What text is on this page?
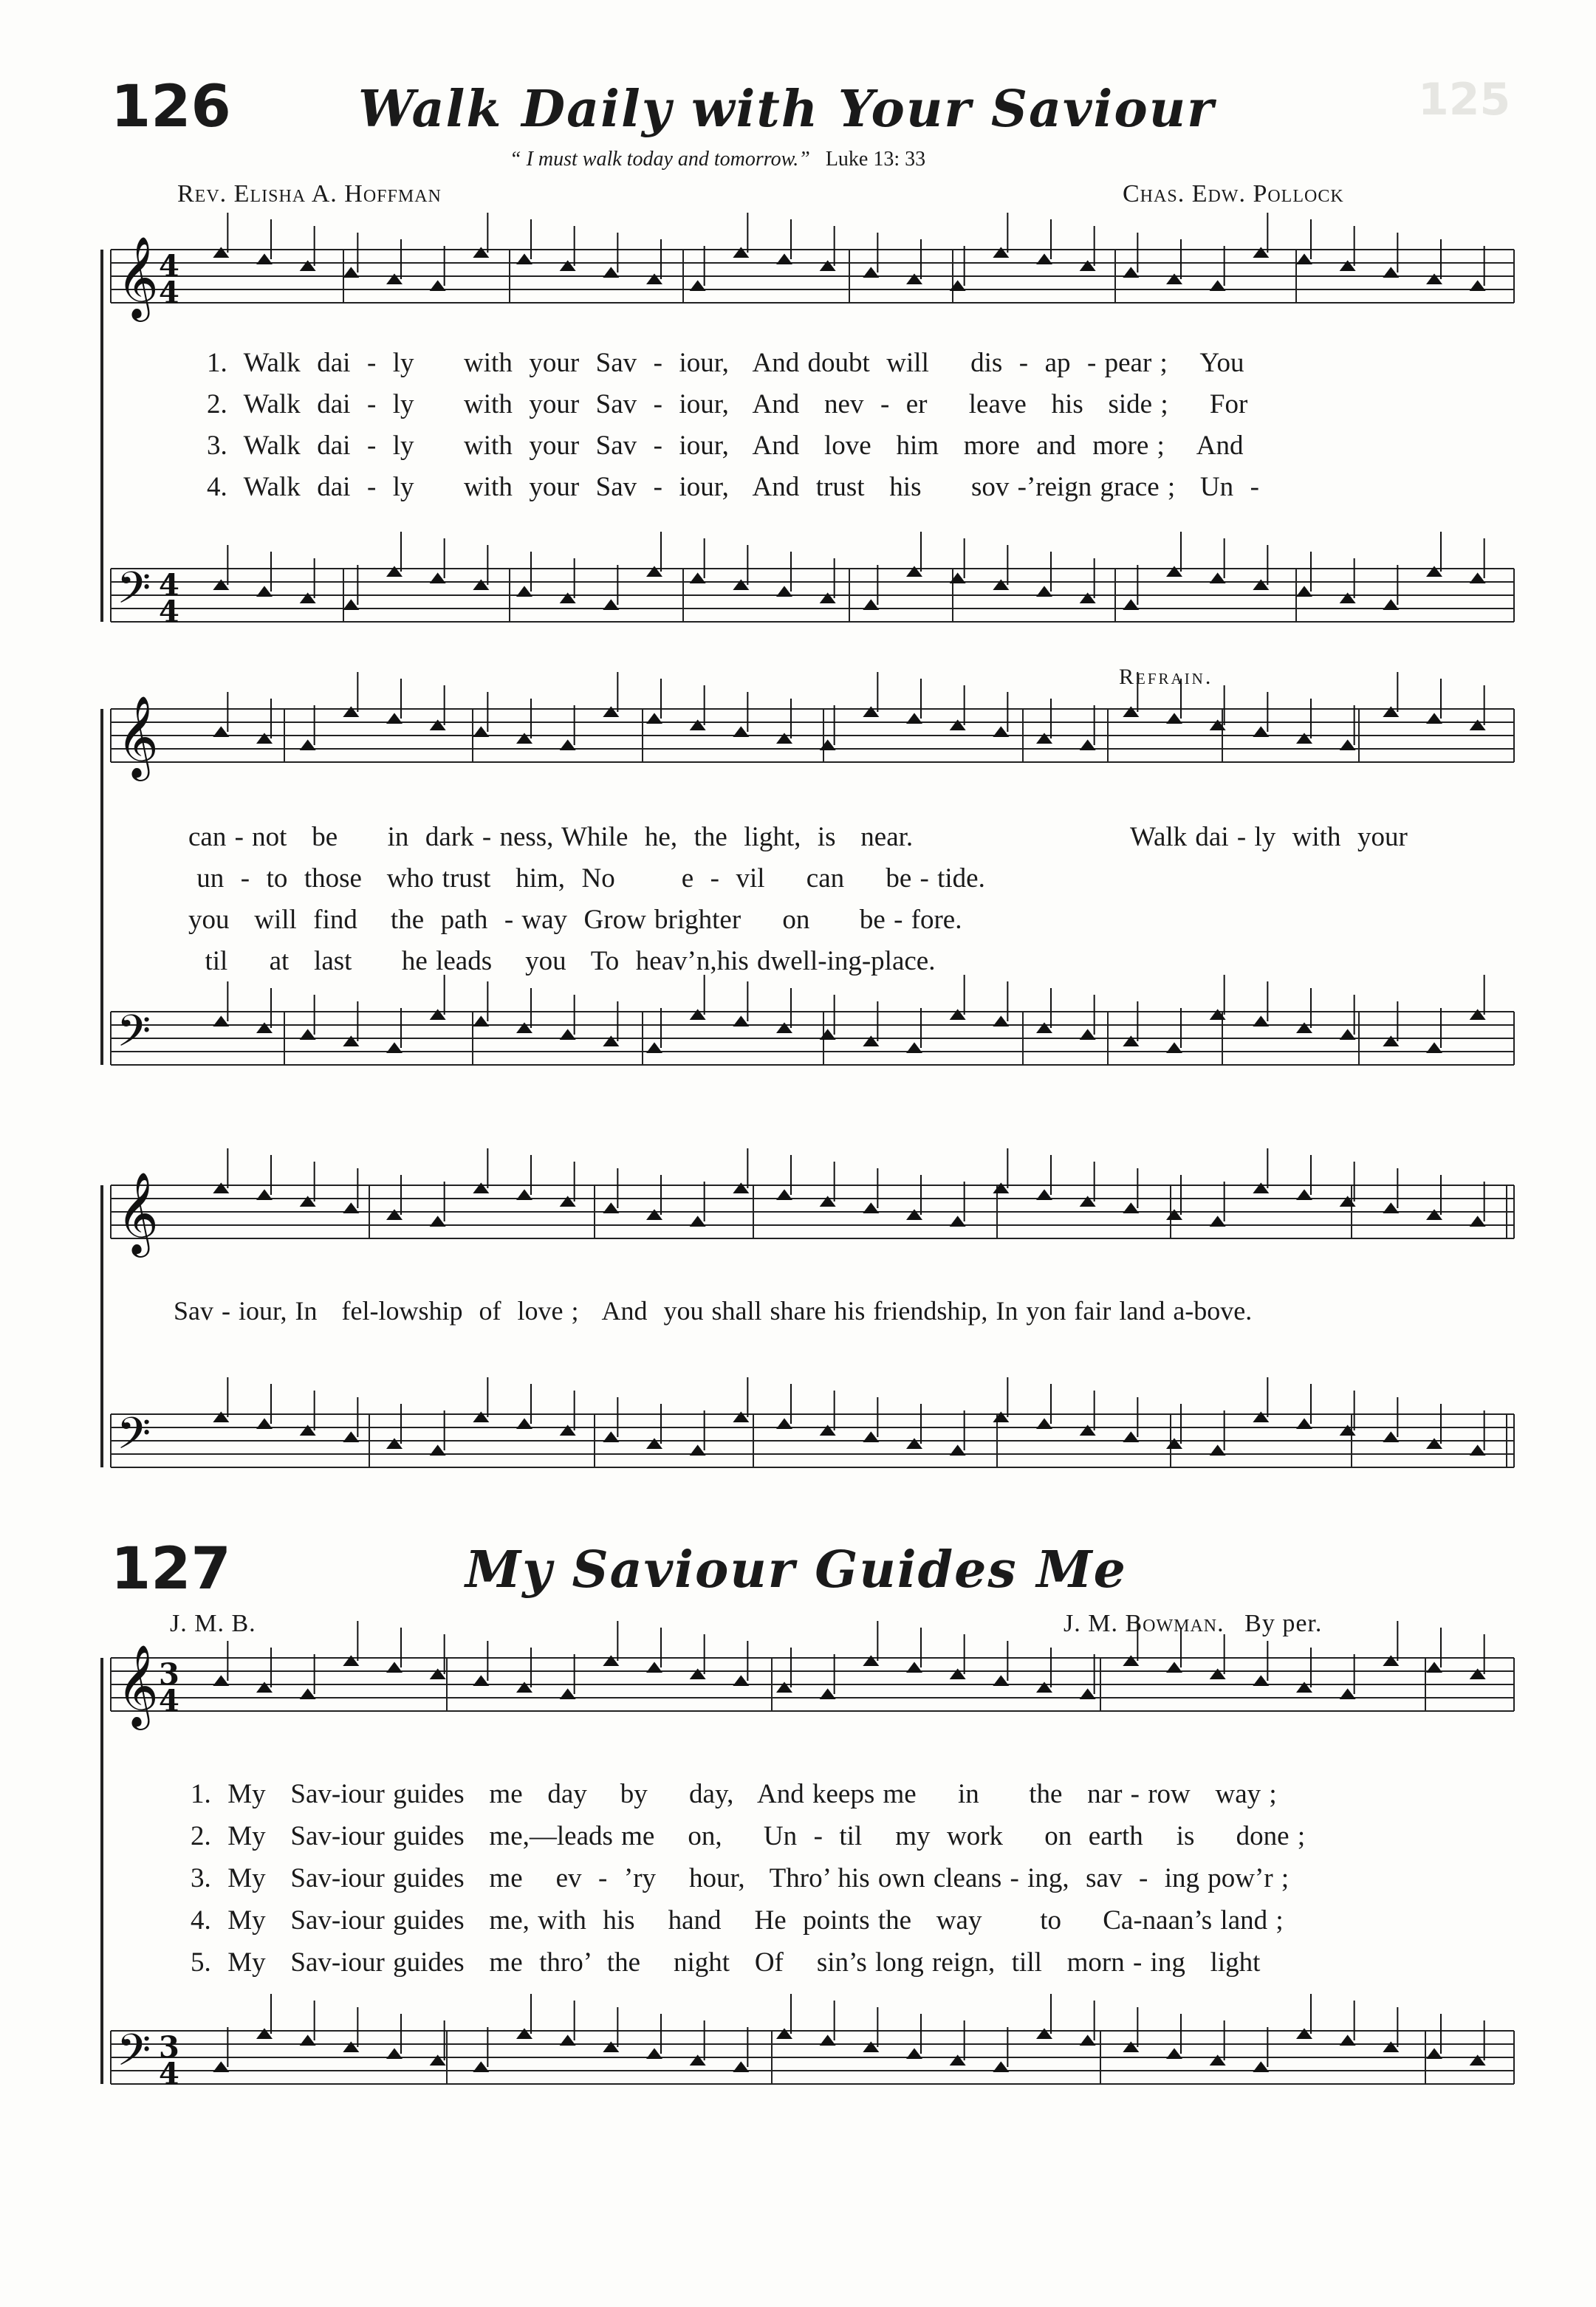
125
126	Walk Daily with Your Saviour
“ I must walk today and tomorrow.” Luke 13: 33
Rev. Elisha A. Hoffman	Chas. Edw. Pollock
𝄞
𝄢
𝄞
𝄢
𝄞
𝄢
𝄞
𝄢
4
4
4
4
3
4
3
4
1.  Walk  dai  -  ly      with  your  Sav  -  iour,   And doubt  will     dis  -  ap  - pear ;    You
2.  Walk  dai  -  ly      with  your  Sav  -  iour,   And   nev  -  er     leave   his   side ;     For
3.  Walk  dai  -  ly      with  your  Sav  -  iour,   And   love   him   more  and  more ;    And
4.  Walk  dai  -  ly      with  your  Sav  -  iour,   And  trust   his      sov -’reign grace ;   Un  -
Refrain.
can - not   be      in  dark - ness, While  he,  the  light,  is   near.
un  -  to  those   who trust   him,  No        e  -  vil     can     be - tide.
you   will  find    the  path  - way  Grow brighter     on      be - fore.
til     at   last      he leads    you   To  heav’n,his dwell-ing-place.
Walk dai - ly  with  your
Sav - iour, In   fel-lowship  of  love ;   And  you shall share his friendship, In yon fair land a-bove.
127	My Saviour Guides Me
J. M. B.	J. M. Bowman. By per.
1.  My   Sav-iour guides   me   day    by     day,   And keeps me     in      the   nar - row   way ;
2.  My   Sav-iour guides   me,—leads me    on,     Un  -  til    my  work     on  earth    is     done ;
3.  My   Sav-iour guides   me    ev  -  ’ry    hour,   Thro’ his own cleans - ing,  sav  -  ing pow’r ;
4.  My   Sav-iour guides   me, with  his    hand    He  points the   way       to     Ca-naan’s land ;
5.  My   Sav-iour guides   me  thro’  the    night   Of    sin’s long reign,  till   morn - ing   light
